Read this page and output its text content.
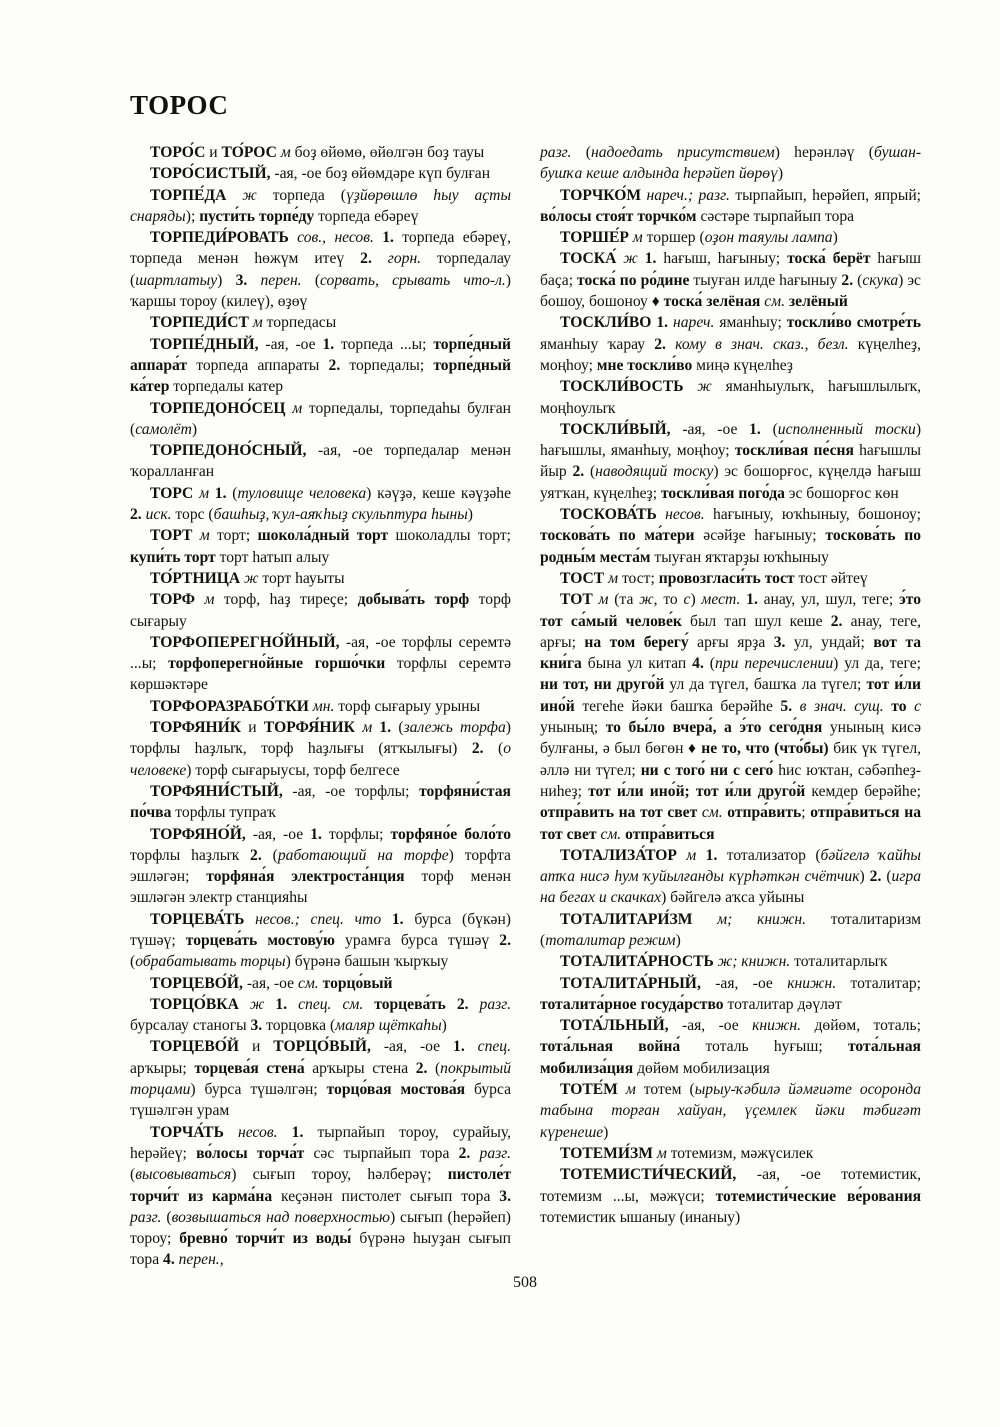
ТОРОС

ТОРО́С и ТО́РОС м боҙ өйөмө, өйөлгән боҙ тауы

ТОРО́СИСТЫЙ, -ая, -ое боҙ өйөмдәре күп булған

ТОРПЕ́ДА ж торпеда (үҙйөрөшлө һыу аҫты снаряды); пусти́ть торпе́ду торпеда ебәреү

ТОРПЕДИ́РОВАТЬ сов., несов. 1. торпеда ебәреү, торпеда менән һөжүм итеү 2. горн. торпедалау (шартлатыу) 3. перен. (сорвать, срывать что-л.) ҡаршы тороу (килеү), өҙөү

ТОРПЕДИ́СТ м торпедасы

ТОРПЕ́ДНЫЙ, -ая, -ое 1. торпеда ...ы; торпе́дный аппара́т торпеда аппараты 2. торпедалы; торпе́дный ка́тер торпедалы катер

ТОРПЕДОНО́СЕЦ м торпедалы, торпедаһы булған (самолёт)

ТОРПЕДОНО́СНЫЙ, -ая, -ое торпедалар менән ҡоралланған

ТОРС м 1. (туловище человека) кәүҙә, кеше кәүҙәһе 2. иск. торс (башһыҙ, ҡул-аяҡһыҙ скульптура һыны)

ТОРТ м торт; шокола́дный торт шоколадлы торт; купи́ть торт торт һатып алыу

ТО́РТНИЦА ж торт һауыты

ТОРФ м торф, һаҙ тиреҫе; добыва́ть торф торф сығарыу

ТОРФОПЕРЕГНО́ЙНЫЙ, -ая, -ое торфлы серемтә ...ы; торфоперегно́йные горшо́чки торфлы серемтә көршәктәре

ТОРФОРАЗРАБО́ТКИ мн. торф сығарыу урыны

ТОРФЯНИ́К и ТОРФЯ́НИК м 1. (залежь торфа) торфлы һаҙлыҡ, торф һаҙлығы (ятҡылығы) 2. (о человеке) торф сығарыусы, торф белгесе

ТОРФЯНИ́СТЫЙ, -ая, -ое торфлы; торфяни́стая по́чва торфлы тупраҡ

ТОРФЯНО́Й, -ая, -ое 1. торфлы; торфяно́е боло́то торфлы һаҙлыҡ 2. (работающий на торфе) торфта эшләгән; торфяна́я электроста́нция торф менән эшләгән электр станцияһы

ТОРЦЕВА́ТЬ несов.; спец. что 1. бурса (бүкән) түшәү; торцева́ть мостову́ю урамға бурса түшәү 2. (обрабатывать торцы) бүрәнә башын ҡырҡыу

ТОРЦЕВО́Й, -ая, -ое см. торцо́вый

ТОРЦО́ВКА ж 1. спец. см. торцева́ть 2. разг. бурсалау станогы 3. торцовка (маляр щёткаһы)

ТОРЦЕВО́Й и ТОРЦО́ВЫЙ, -ая, -ое 1. спец. арҡыры; торцева́я стена́ арҡыры стена 2. (покрытый торцами) бурса түшәлгән; торцо́вая мостова́я бурса түшәлгән урам

ТОРЧА́ТЬ несов. 1. тырпайып тороу, сурайыу, һерәйеү; во́лосы торча́т сәс тырпайып тора 2. разг. (высовываться) сығып тороу, һәлберәү; пистоле́т торчи́т из карма́на кеҫәнән пистолет сығып тора 3. разг. (возвышаться над поверхностью) сығып (һерәйеп) тороу; бревно́ торчи́т из воды́ бүрәнә һыуҙан сығып тора 4. перен.,

разг. (надоедать присутствием) һерәнләү (бушан-бушҡа кеше алдында һерәйеп йөрөү)

ТОРЧКО́М нареч.; разг. тырпайып, һерәйеп, япрый; во́лосы стоя́т торчко́м сәстәре тырпайып тора

ТОРШЕ́Р м торшер (оҙон таяулы лампа)

ТОСКА́ ж 1. һағыш, һағыныу; тоска́ берёт һағыш баҫа; тоска́ по ро́дине тыуған илде һағыныу 2. (скука) эс бошоу, бошоноу ♦ тоска́ зелёная см. зелёный

ТОСКЛИ́ВО 1. нареч. яманһыу; тоскли́во смотре́ть яманһыу ҡарау 2. кому в знач. сказ., безл. күңелһеҙ, моңһоу; мне тоскли́во миңә күңелһеҙ

ТОСКЛИ́ВОСТЬ ж яманһыулыҡ, һағышлылыҡ, моңһоулыҡ

ТОСКЛИ́ВЫЙ, -ая, -ое 1. (исполненный тоски) һағышлы, яманһыу, моңһоу; тоскли́вая пе́сня һағышлы йыр 2. (наводящий тоску) эс бошорғос, күңелдә һағыш уятҡан, күңелһеҙ; тоскли́вая пого́да эс бошорғос көн

ТОСКОВА́ТЬ несов. һағыныу, юҡһыныу, бошоноу; тоскова́ть по ма́тери әсәйҙе һағыныу; тоскова́ть по родны́м места́м тыуған яҡтарҙы юҡһыныу

ТОСТ м тост; провозгласи́ть тост тост әйтеү

ТОТ м (та ж, то с) мест. 1. анау, ул, шул, теге; э́то тот са́мый челове́к был тап шул кеше 2. анау, теге, арғы; на том берегу́ арғы ярҙа 3. ул, ундай; вот та кни́га бына ул китап 4. (при перечислении) ул да, теге; ни тот, ни друго́й ул да түгел, башҡа ла түгел; тот и́ли ино́й тегеһе йәки башҡа берәйһе 5. в знач. сущ. то с унының; то бы́ло вчера́, а э́то сего́дня унының кисә булғаны, ә был бөгөн ♦ не то, что (что́бы) бик үк түгел, әллә ни түгел; ни с того́ ни с сего́ һис юҡтан, сәбәпһеҙ-ниһеҙ; тот и́ли ино́й; тот и́ли друго́й кемдер берәйһе; отпра́вить на тот свет см. отпра́вить; отпра́виться на тот свет см. отпра́виться

ТОТАЛИЗА́ТОР м 1. тотализатор (бәйгелә ҡайһы атҡа нисә һум ҡуйылғанды күрһәткән счётчик) 2. (игра на бегах и скачках) бәйгелә аҡса уйыны

ТОТАЛИТАРИ́ЗМ м; книжн. тоталитаризм (тоталитар режим)

ТОТАЛИТА́РНОСТЬ ж; книжн. тоталитарлыҡ

ТОТАЛИТА́РНЫЙ, -ая, -ое книжн. тоталитар; тоталита́рное госуда́рство тоталитар дәүләт

ТОТА́ЛЬНЫЙ, -ая, -ое книжн. дөйөм, тоталь; тота́льная война́ тоталь һуғыш; тота́льная мобилиза́ция дөйөм мобилизация

ТОТЕ́М м тотем (ырыу-ҡәбилә йәмғиәте осоронда табына торған хайуан, үҫемлек йәки тәбиғәт күренеше)

ТОТЕМИ́ЗМ м тотемизм, мәжүсилек

ТОТЕМИСТИ́ЧЕСКИЙ, -ая, -ое тотемистик, тотемизм ...ы, мәжүси; тотемисти́ческие ве́рования тотемистик ышаныу (инаныу)

508
